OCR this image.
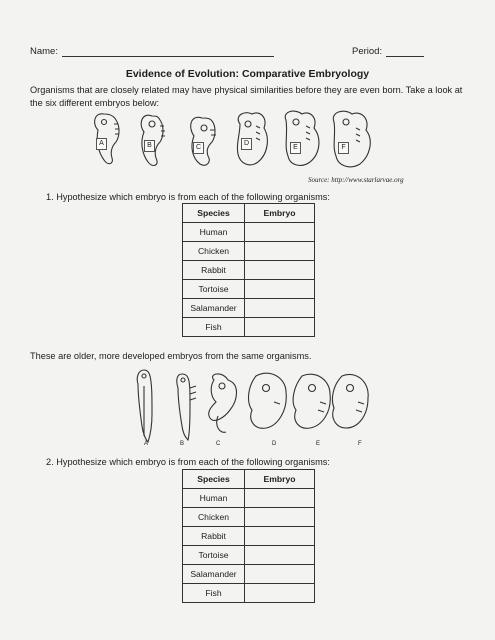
Name:	Period:
Evidence of Evolution: Comparative Embryology
Organisms that are closely related may have physical similarities before they are even born. Take a look at the six different embryos below:
A	B	C
D
E	F
Source: http://www.starlarvae.org
1. Hypothesize which embryo is from each of the following organisms:
Species	Embryo
Human	
Chicken	
Rabbit	
Tortoise	
Salamander	
Fish	
These are older, more developed embryos from the same organisms.
A	B	C	D	E	F
2. Hypothesize which embryo is from each of the following organisms:
Species	Embryo
Human	
Chicken	
Rabbit	
Tortoise	
Salamander	
Fish	
